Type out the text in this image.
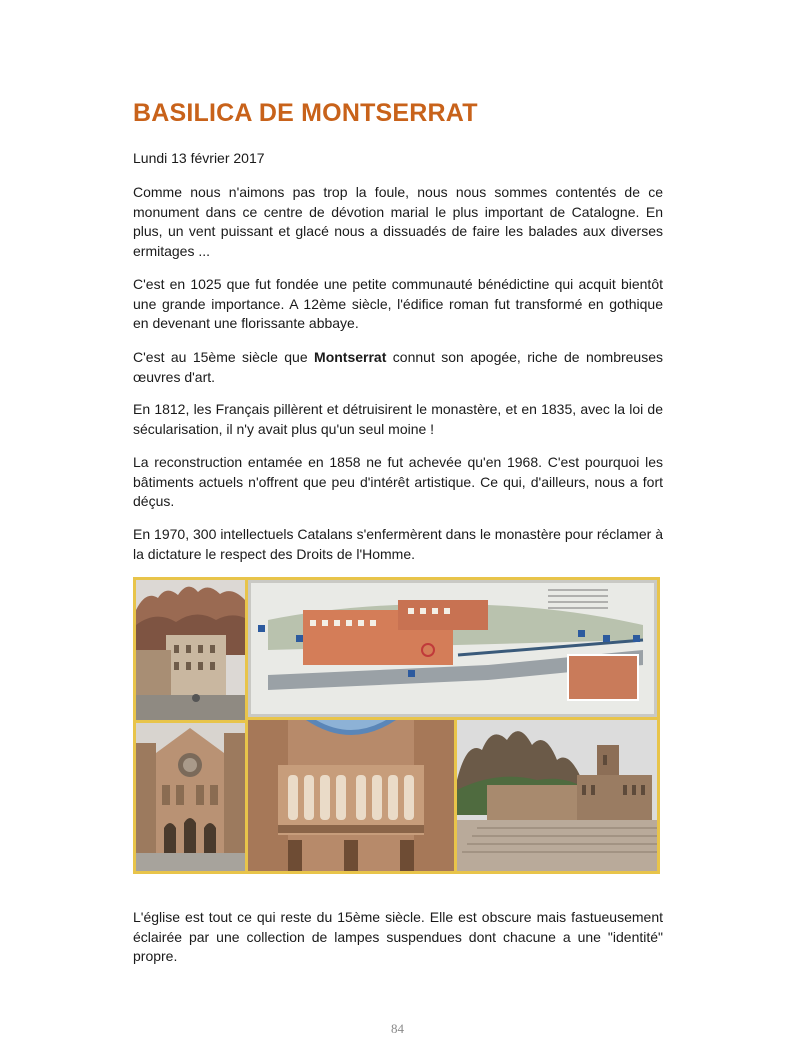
BASILICA DE MONTSERRAT
Lundi 13 février 2017

Comme nous n'aimons pas trop la foule, nous nous sommes contentés de ce monument dans ce centre de dévotion marial le plus important de Catalogne. En plus, un vent puissant et glacé nous a dissuadés de faire les balades aux diverses ermitages ...

C'est en 1025 que fut fondée une petite communauté bénédictine qui acquit bientôt une grande importance. A 12ème siècle, l'édifice roman fut transformé en gothique en devenant une florissante abbaye.

C'est au 15ème siècle que Montserrat connut son apogée, riche de nombreuses œuvres d'art.

En 1812, les Français pillèrent et détruisirent le monastère, et en 1835, avec la loi de sécularisation, il n'y avait plus qu'un seul moine !

La reconstruction entamée en 1858 ne fut achevée qu'en 1968. C'est pourquoi les bâtiments actuels n'offrent que peu d'intérêt artistique. Ce qui, d'ailleurs, nous a fort déçus.

En 1970, 300 intellectuels Catalans s'enfermèrent dans le monastère pour réclamer à la dictature le respect des Droits de l'Homme.

L'église est tout ce qui reste du 15ème siècle. Elle est obscure mais fastueusement éclairée par une collection de lampes suspendues dont chacune a une "identité" propre.

84
